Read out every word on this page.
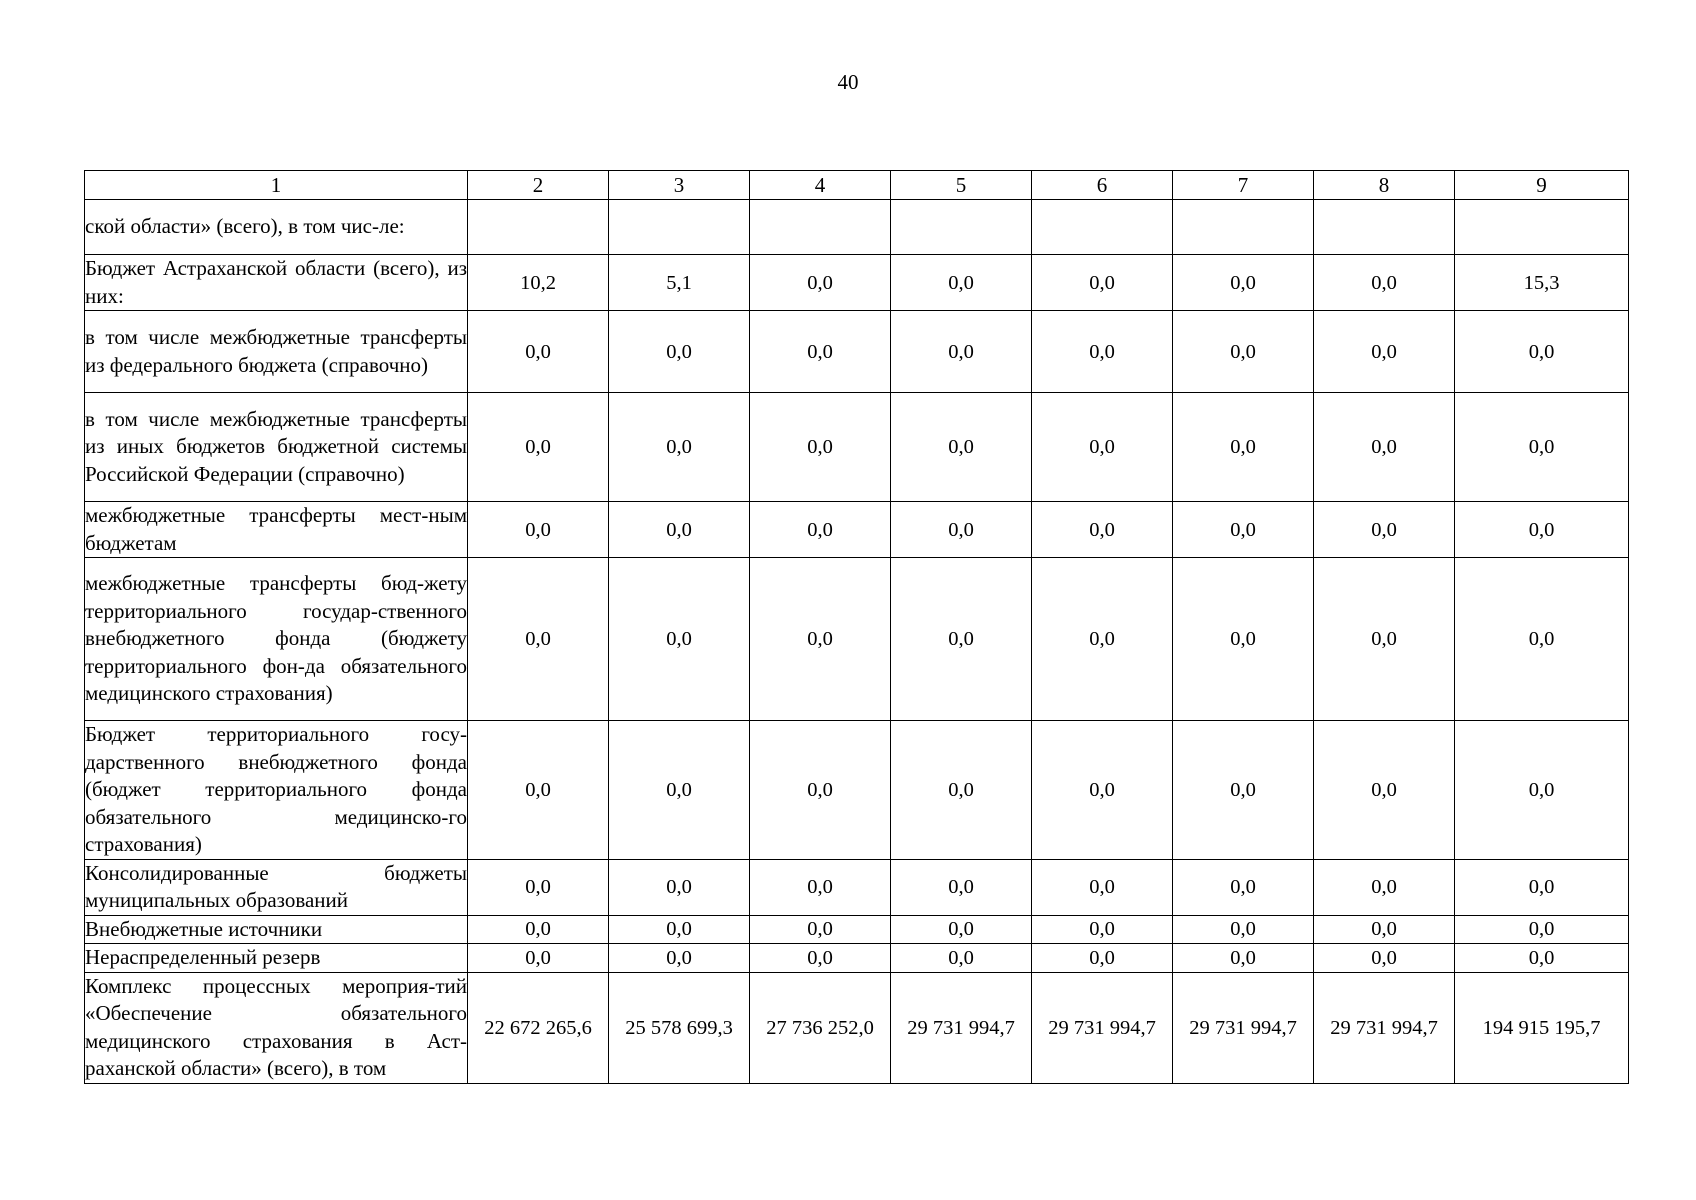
40
1	2	3	4	5	6	7	8	9
ской области» (всего), в том чис-ле:								
Бюджет Астраханской области (всего), из них:	10,2	5,1	0,0	0,0	0,0	0,0	0,0	15,3
в том числе межбюджетные трансферты из федерального бюджета (справочно)	0,0	0,0	0,0	0,0	0,0	0,0	0,0	0,0
в том числе межбюджетные трансферты из иных бюджетов бюджетной системы Российской Федерации (справочно)	0,0	0,0	0,0	0,0	0,0	0,0	0,0	0,0
межбюджетные трансферты мест-ным бюджетам	0,0	0,0	0,0	0,0	0,0	0,0	0,0	0,0
межбюджетные трансферты бюд-жету территориального государ-ственного внебюджетного фонда (бюджету территориального фон-да обязательного медицинского страхования)	0,0	0,0	0,0	0,0	0,0	0,0	0,0	0,0
Бюджет территориального госу-дарственного внебюджетного фонда (бюджет территориального фонда обязательного медицинско-го страхования)	0,0	0,0	0,0	0,0	0,0	0,0	0,0	0,0
Консолидированные бюджеты муниципальных образований	0,0	0,0	0,0	0,0	0,0	0,0	0,0	0,0
Внебюджетные источники	0,0	0,0	0,0	0,0	0,0	0,0	0,0	0,0
Нераспределенный резерв	0,0	0,0	0,0	0,0	0,0	0,0	0,0	0,0
Комплекс процессных мероприя-тий «Обеспечение обязательного медицинского страхования в Аст-раханской области» (всего), в том	22 672 265,6	25 578 699,3	27 736 252,0	29 731 994,7	29 731 994,7	29 731 994,7	29 731 994,7	194 915 195,7
